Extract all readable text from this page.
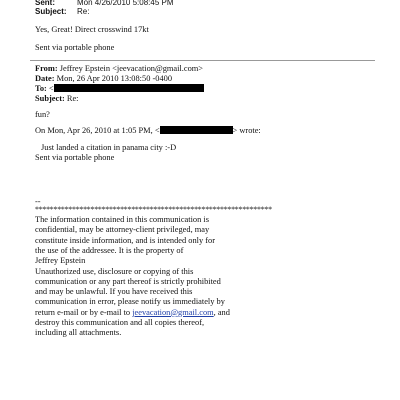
Sent:	Mon 4/26/2010 5:08:45 PM
Subject: Re:
Yes, Great! Direct crosswind 17kt
Sent via portable phone
From: Jeffrey Epstein <jeevacation@gmail.com>
Date: Mon, 26 Apr 2010 13:08:50 -0400
To: <
Subject: Re:
fun?
On Mon, Apr 26, 2010 at 1:05 PM, <	> wrote:
Just landed a citation in panama city :-D
Sent via portable phone
--
****************************************************************
The information contained in this communication is
confidential, may be attorney-client privileged, may
constitute inside information, and is intended only for
the use of the addressee. It is the property of
Jeffrey Epstein
Unauthorized use, disclosure or copying of this
communication or any part thereof is strictly prohibited
and may be unlawful. If you have received this
communication in error, please notify us immediately by
return e-mail or by e-mail to jeevacation@gmail.com, and
destroy this communication and all copies thereof,
including all attachments.
